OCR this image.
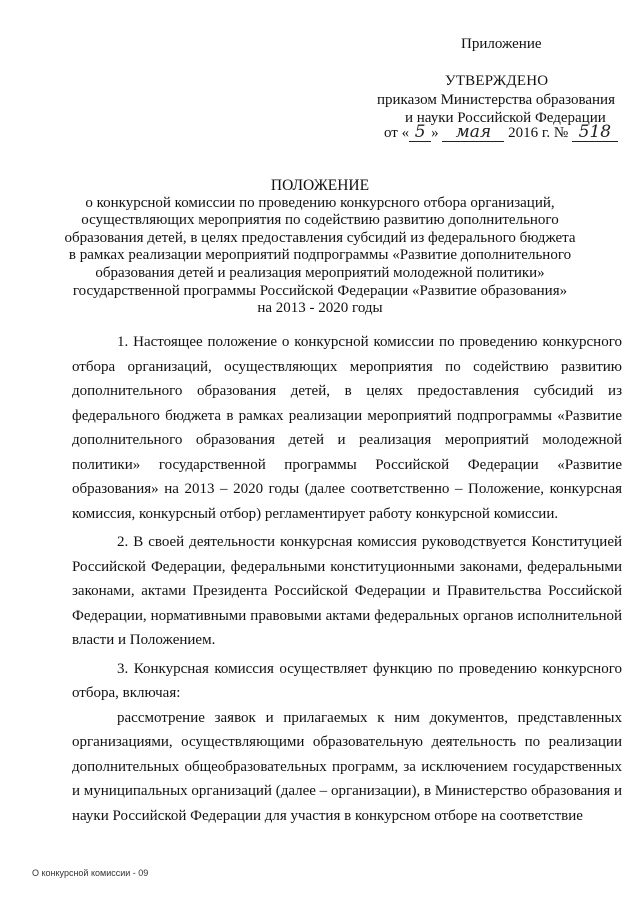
Приложение
УТВЕРЖДЕНО
приказом Министерства образования
и науки Российской Федерации
от « 5 » мая 2016 г. № 518
ПОЛОЖЕНИЕ
о конкурсной комиссии по проведению конкурсного отбора организаций,
осуществляющих мероприятия по содействию развитию дополнительного
образования детей, в целях предоставления субсидий из федерального бюджета
в рамках реализации мероприятий подпрограммы «Развитие дополнительного
образования детей и реализация мероприятий молодежной политики»
государственной программы Российской Федерации «Развитие образования»
на 2013 - 2020 годы

1. Настоящее положение о конкурсной комиссии по проведению конкурсного отбора организаций, осуществляющих мероприятия по содействию развитию дополнительного образования детей, в целях предоставления субсидий из федерального бюджета в рамках реализации мероприятий подпрограммы «Развитие дополнительного образования детей и реализация мероприятий молодежной политики» государственной программы Российской Федерации «Развитие образования» на 2013 – 2020 годы (далее соответственно – Положение, конкурсная комиссия, конкурсный отбор) регламентирует работу конкурсной комиссии.

2. В своей деятельности конкурсная комиссия руководствуется Конституцией Российской Федерации, федеральными конституционными законами, федеральными законами, актами Президента Российской Федерации и Правительства Российской Федерации, нормативными правовыми актами федеральных органов исполнительной власти и Положением.

3. Конкурсная комиссия осуществляет функцию по проведению конкурсного отбора, включая:

рассмотрение заявок и прилагаемых к ним документов, представленных организациями, осуществляющими образовательную деятельность по реализации дополнительных общеобразовательных программ, за исключением государственных и муниципальных организаций (далее – организации), в Министерство образования и науки Российской Федерации для участия в конкурсном отборе на соответствие

О конкурсной комиссии - 09
